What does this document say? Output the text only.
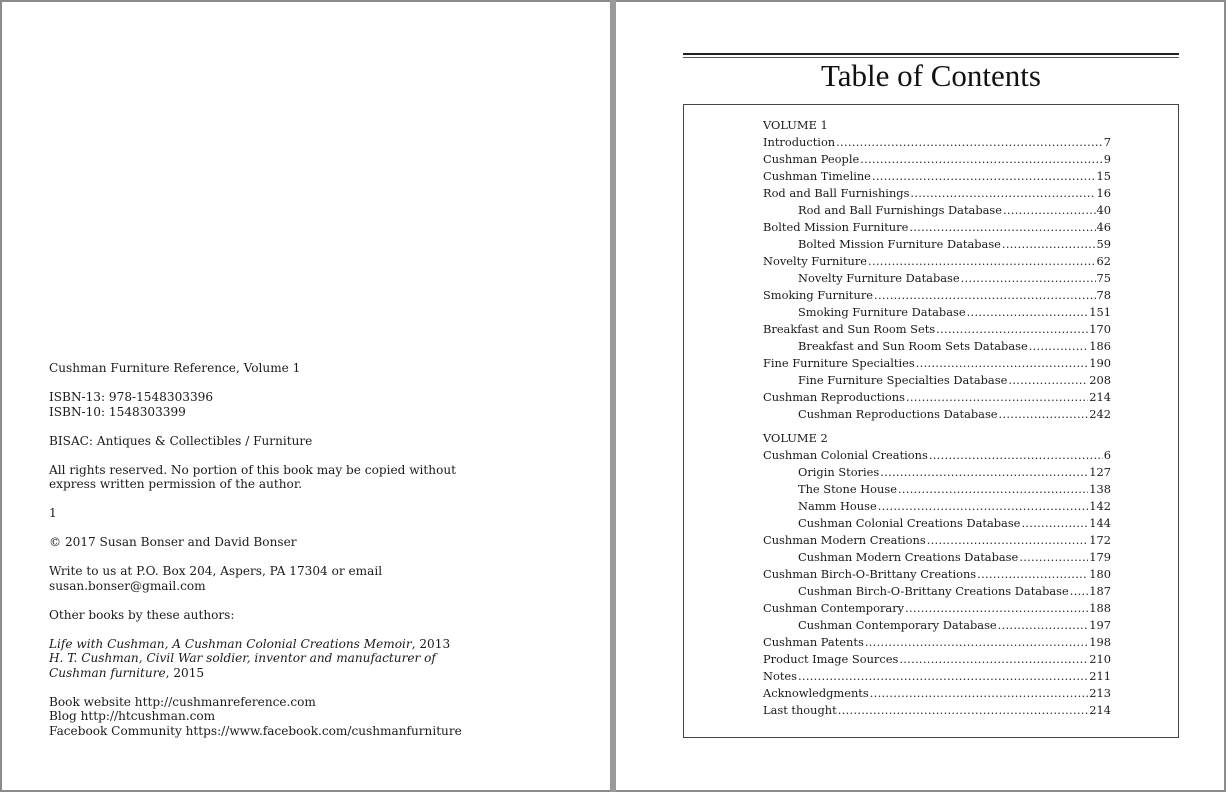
Cushman Furniture Reference, Volume 1
ISBN-13: 978-1548303396
ISBN-10: 1548303399
BISAC: Antiques & Collectibles / Furniture
All rights reserved. No portion of this book may be copied without
express written permission of the author.
1
© 2017 Susan Bonser and David Bonser
Write to us at P.O. Box 204, Aspers, PA 17304 or email
susan.bonser@gmail.com
Other books by these authors:
Life with Cushman, A Cushman Colonial Creations Memoir, 2013
H. T. Cushman, Civil War soldier, inventor and manufacturer of
Cushman furniture, 2015
Book website http://cushmanreference.com
Blog http://htcushman.com
Facebook Community https://www.facebook.com/cushmanfurniture
Table of Contents
VOLUME 1
Introduction .....	7
Cushman People .....	9
Cushman Timeline .....	15
Rod and Ball Furnishings .....	16
Rod and Ball Furnishings Database .....	40
Bolted Mission Furniture .....	46
Bolted Mission Furniture Database .....	59
Novelty Furniture .....	62
Novelty Furniture Database .....	75
Smoking Furniture .....	78
Smoking Furniture Database .....	151
Breakfast and Sun Room Sets .....	170
Breakfast and Sun Room Sets Database .....	186
Fine Furniture Specialties .....	190
Fine Furniture Specialties Database .....	208
Cushman Reproductions .....	214
Cushman Reproductions Database .....	242
VOLUME 2
Cushman Colonial Creations .....	6
Origin Stories .....	127
The Stone House .....	138
Namm House .....	142
Cushman Colonial Creations Database .....	144
Cushman Modern Creations .....	172
Cushman Modern Creations Database .....	179
Cushman Birch-O-Brittany Creations .....	180
Cushman Birch-O-Brittany Creations Database ..... 187
Cushman Contemporary .....	188
Cushman Contemporary Database .....	197
Cushman Patents .....	198
Product Image Sources .....	210
Notes .....	211
Acknowledgments .....	213
Last thought .....	214
